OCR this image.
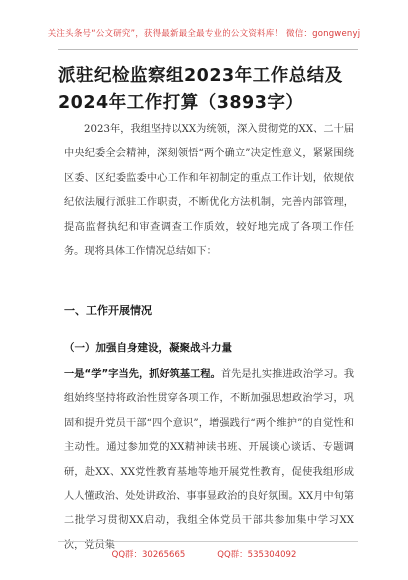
关注头条号“公文研究”，获得最新最全最专业的公文资料库！ 微信：gongwenyj
派驻纪检监察组2023年工作总结及2024年工作打算（3893字）

2023年，我组坚持以XX为统领，深入贯彻党的XX、二十届中央纪委全会精神，深刻领悟“两个确立”决定性意义，紧紧围绕区委、区纪委监委中心工作和年初制定的重点工作计划，依规依纪依法履行派驻工作职责，不断优化方法机制，完善内部管理，提高监督执纪和审查调查工作质效，较好地完成了各项工作任务。现将具体工作情况总结如下：

一、工作开展情况
（一）加强自身建设，凝聚战斗力量

一是“学”字当先，抓好筑基工程。首先是扎实推进政治学习。我组始终坚持将政治性贯穿各项工作，不断加强思想政治学习，巩固和提升党员干部“四个意识”，增强践行“两个维护”的自觉性和主动性。通过参加党的XX精神读书班、开展谈心谈话、专题调研，赴XX、XX党性教育基地等地开展党性教育，促使我组形成人人懂政治、处处讲政治、事事显政治的良好氛围。XX月中旬第二批学习贯彻XX启动，我组全体党员干部共参加集中学习XX次，党员集

QQ群：30265665	QQ群：535304092
